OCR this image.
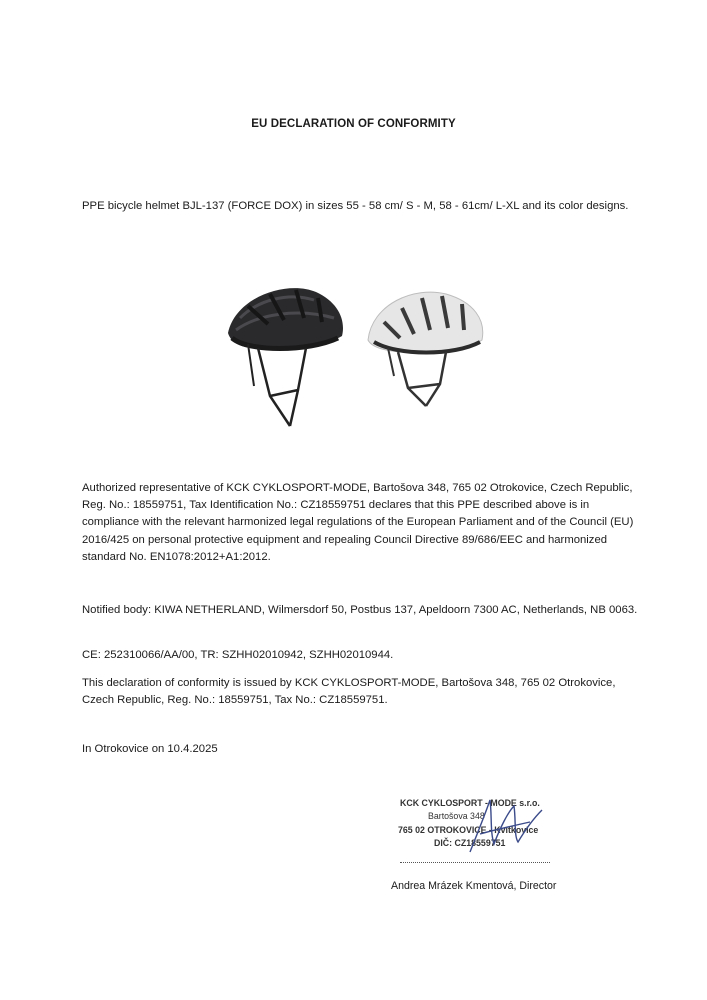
EU DECLARATION OF CONFORMITY

PPE bicycle helmet BJL-137 (FORCE DOX) in sizes 55 - 58 cm/ S - M, 58 - 61cm/ L-XL and its color designs.

Authorized representative of KCK CYKLOSPORT-MODE, Bartošova 348, 765 02 Otrokovice, Czech Republic, Reg. No.: 18559751, Tax Identification No.: CZ18559751 declares that this PPE described above is in compliance with the relevant harmonized legal regulations of the European Parliament and of the Council (EU) 2016/425 on personal protective equipment and repealing Council Directive 89/686/EEC and harmonized standard No. EN1078:2012+A1:2012.

Notified body: KIWA NETHERLAND, Wilmersdorf 50, Postbus 137, Apeldoorn 7300 AC, Netherlands, NB 0063.

CE: 252310066/AA/00, TR: SZHH02010942, SZHH02010944.

This declaration of conformity is issued by KCK CYKLOSPORT-MODE, Bartošova 348, 765 02 Otrokovice, Czech Republic, Reg. No.: 18559751, Tax No.: CZ18559751.

In Otrokovice on 10.4.2025

KCK CYKLOSPORT - MODE s.r.o.
Bartošova 348
765 02 OTROKOVICE - Kvítkovice
DIČ: CZ18559751
Andrea Mrázek Kmentová, Director
